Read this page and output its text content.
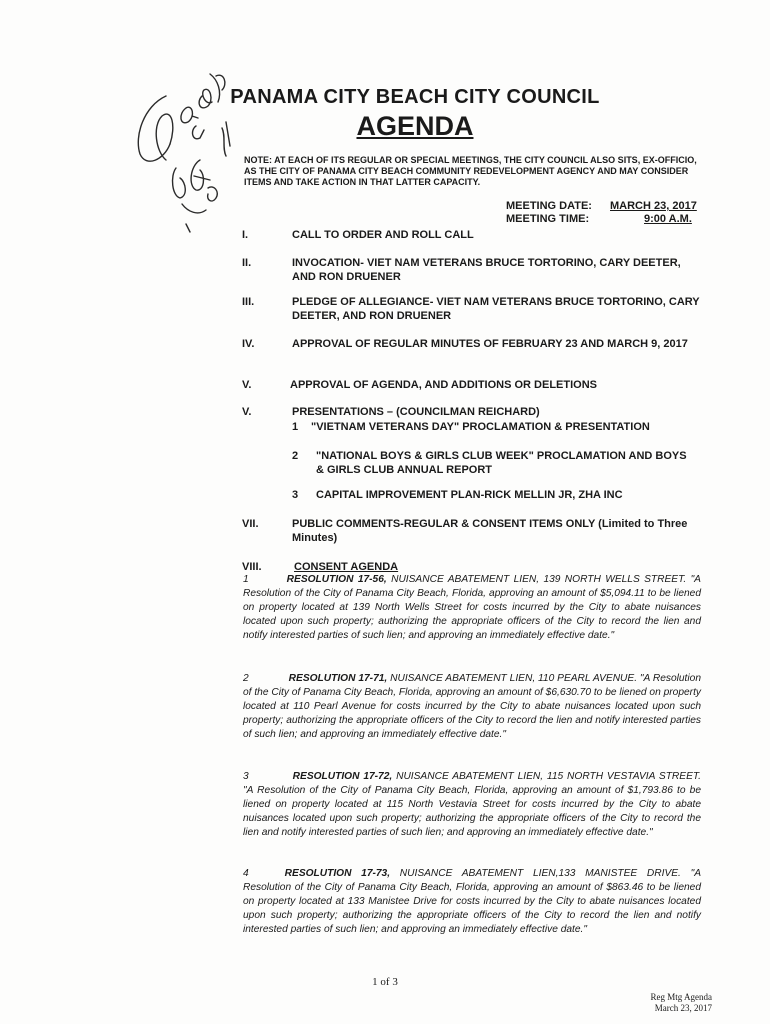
PANAMA CITY BEACH CITY COUNCIL
AGENDA
NOTE: AT EACH OF ITS REGULAR OR SPECIAL MEETINGS, THE CITY COUNCIL ALSO SITS, EX-OFFICIO, AS THE CITY OF PANAMA CITY BEACH COMMUNITY REDEVELOPMENT AGENCY AND MAY CONSIDER ITEMS AND TAKE ACTION IN THAT LATTER CAPACITY.
MEETING DATE: MARCH 23, 2017
MEETING TIME:	9:00 A.M.
I.	CALL TO ORDER AND ROLL CALL
II.	INVOCATION- VIET NAM VETERANS BRUCE TORTORINO, CARY DEETER, AND RON DRUENER
III.	PLEDGE OF ALLEGIANCE- VIET NAM VETERANS BRUCE TORTORINO, CARY DEETER, AND RON DRUENER
IV.	APPROVAL OF REGULAR MINUTES OF FEBRUARY 23 AND MARCH 9, 2017
V.	APPROVAL OF AGENDA, AND ADDITIONS OR DELETIONS
V.	PRESENTATIONS – (COUNCILMAN REICHARD)
1	"VIETNAM VETERANS DAY" PROCLAMATION & PRESENTATION
2	"NATIONAL BOYS & GIRLS CLUB WEEK" PROCLAMATION AND BOYS & GIRLS CLUB ANNUAL REPORT
3	CAPITAL IMPROVEMENT PLAN-RICK MELLIN JR, ZHA INC
VII.	PUBLIC COMMENTS-REGULAR & CONSENT ITEMS ONLY (Limited to Three Minutes)
VIII.	CONSENT AGENDA
1	RESOLUTION 17-56, NUISANCE ABATEMENT LIEN, 139 NORTH WELLS STREET. "A Resolution of the City of Panama City Beach, Florida, approving an amount of $5,094.11 to be liened on property located at 139 North Wells Street for costs incurred by the City to abate nuisances located upon such property; authorizing the appropriate officers of the City to record the lien and notify interested parties of such lien; and approving an immediately effective date."
2	RESOLUTION 17-71, NUISANCE ABATEMENT LIEN, 110 PEARL AVENUE. "A Resolution of the City of Panama City Beach, Florida, approving an amount of $6,630.70 to be liened on property located at 110 Pearl Avenue for costs incurred by the City to abate nuisances located upon such property; authorizing the appropriate officers of the City to record the lien and notify interested parties of such lien; and approving an immediately effective date."
3	RESOLUTION 17-72, NUISANCE ABATEMENT LIEN, 115 NORTH VESTAVIA STREET. "A Resolution of the City of Panama City Beach, Florida, approving an amount of $1,793.86 to be liened on property located at 115 North Vestavia Street for costs incurred by the City to abate nuisances located upon such property; authorizing the appropriate officers of the City to record the lien and notify interested parties of such lien; and approving an immediately effective date."
4	RESOLUTION 17-73, NUISANCE ABATEMENT LIEN,133 MANISTEE DRIVE. "A Resolution of the City of Panama City Beach, Florida, approving an amount of $863.46 to be liened on property located at 133 Manistee Drive for costs incurred by the City to abate nuisances located upon such property; authorizing the appropriate officers of the City to record the lien and notify interested parties of such lien; and approving an immediately effective date."
1 of 3
Reg Mtg Agenda
March 23, 2017
